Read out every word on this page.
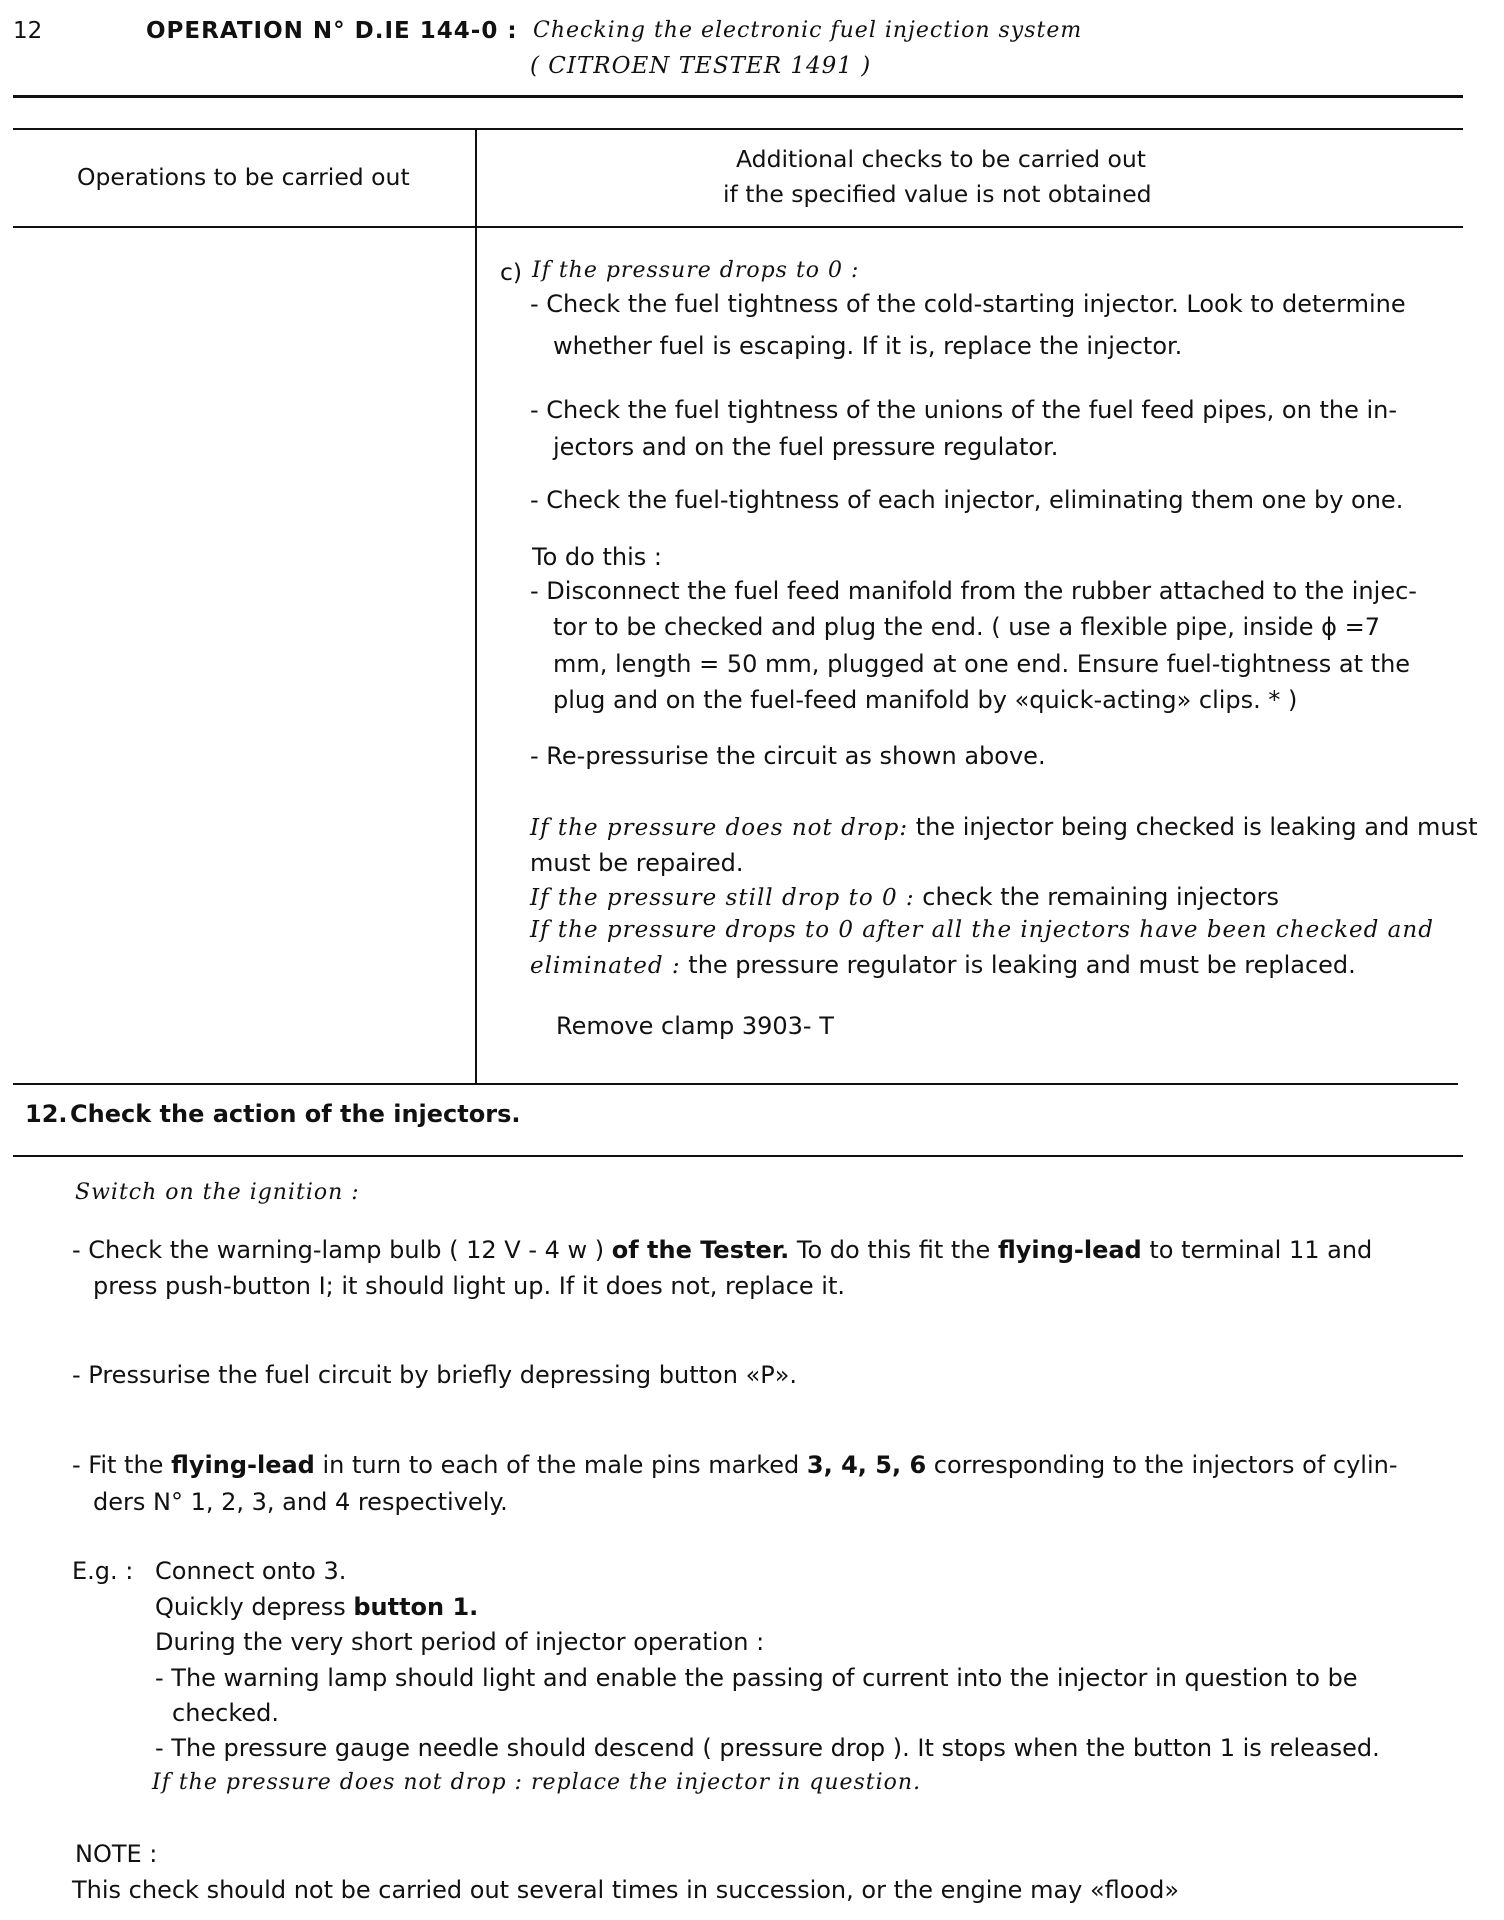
12	OPERATION N° D.IE 144-0 : Checking the electronic fuel injection system
( CITROEN TESTER 1491 )
Operations to be carried out
Additional checks to be carried out
if the specified value is not obtained
c) If the pressure drops to 0 :
- Check the fuel tightness of the cold-starting injector. Look to determine
whether fuel is escaping. If it is, replace the injector.
- Check the fuel tightness of the unions of the fuel feed pipes, on the in-
jectors and on the fuel pressure regulator.
- Check the fuel-tightness of each injector, eliminating them one by one.
To do this :
- Disconnect the fuel feed manifold from the rubber attached to the injec-
tor to be checked and plug the end. ( use a flexible pipe, inside ϕ =7
mm, length = 50 mm, plugged at one end. Ensure fuel-tightness at the
plug and on the fuel-feed manifold by «quick-acting» clips. * )
- Re-pressurise the circuit as shown above.
If the pressure does not drop: the injector being checked is leaking and must
must be repaired.
If the pressure still drop to 0 : check the remaining injectors
If the pressure drops to 0 after all the injectors have been checked and
eliminated : the pressure regulator is leaking and must be replaced.
Remove clamp 3903- T
12. Check the action of the injectors.
Switch on the ignition :
- Check the warning-lamp bulb ( 12 V - 4 w ) of the Tester. To do this fit the flying-lead to terminal 11 and
press push-button I; it should light up. If it does not, replace it.
- Pressurise the fuel circuit by briefly depressing button «P».
- Fit the flying-lead in turn to each of the male pins marked 3, 4, 5, 6 corresponding to the injectors of cylin-
ders N° 1, 2, 3, and 4 respectively.
E.g. : Connect onto 3.
Quickly depress button 1.
During the very short period of injector operation :
- The warning lamp should light and enable the passing of current into the injector in question to be
checked.
- The pressure gauge needle should descend ( pressure drop ). It stops when the button 1 is released.
If the pressure does not drop : replace the injector in question.
NOTE :
This check should not be carried out several times in succession, or the engine may «flood»
